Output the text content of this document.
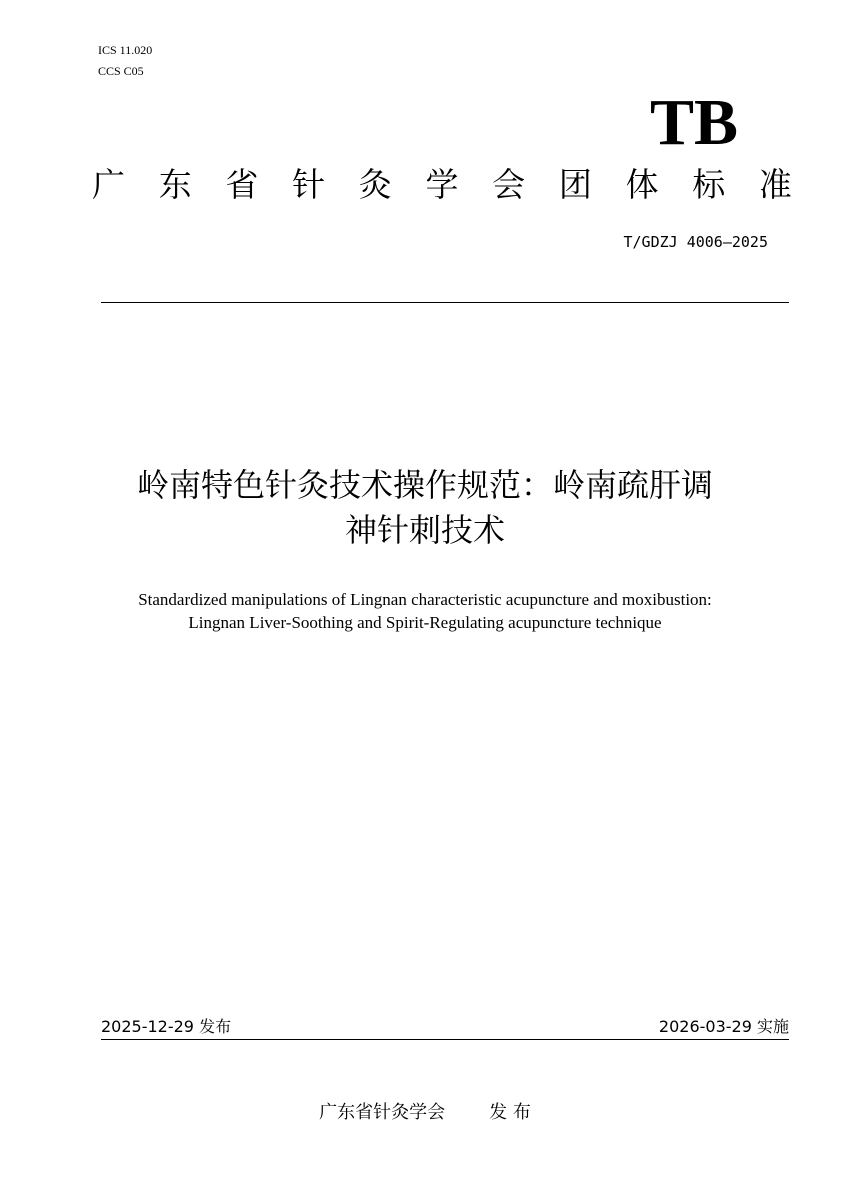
ICS 11.020
CCS C05
TB
广 东 省 针 灸 学 会 团 体 标 准
T/GDZJ 4006—2025
岭南特色针灸技术操作规范：岭南疏肝调
神针刺技术
Standardized manipulations of Lingnan characteristic acupuncture and moxibustion:
Lingnan Liver-Soothing and Spirit-Regulating acupuncture technique
2025-12-29 发布	2026-03-29 实施
广东省针灸学会 发 布
